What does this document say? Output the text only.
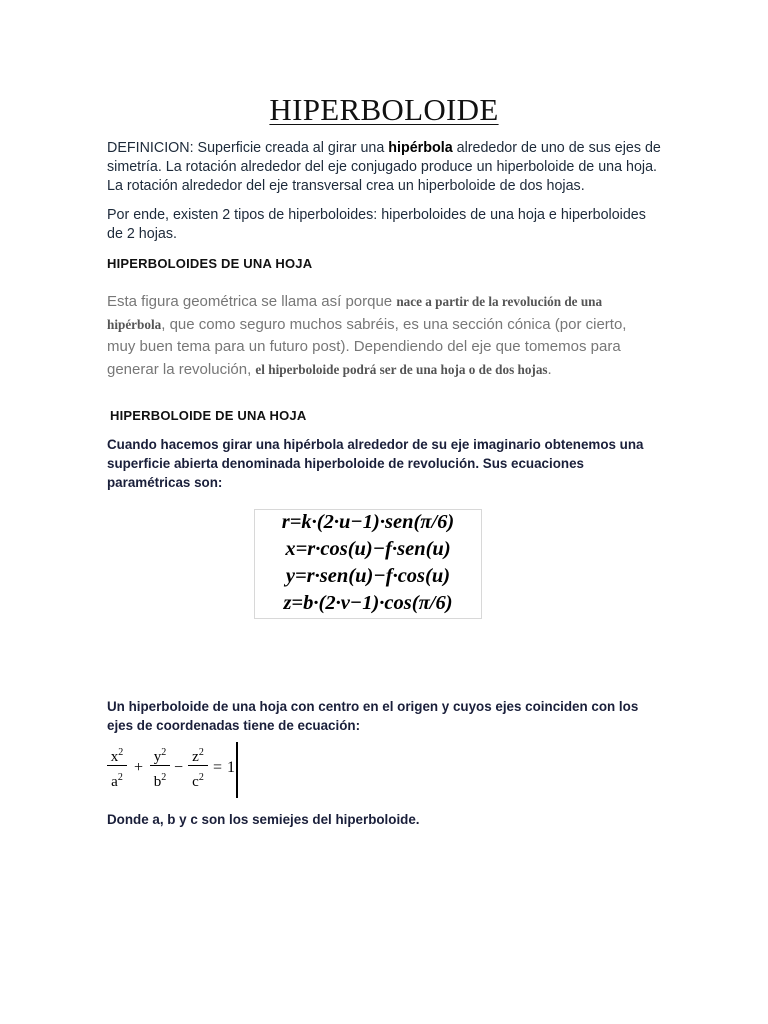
HIPERBOLOIDE

DEFINICION: Superficie creada al girar una hipérbola alrededor de uno de sus ejes de simetría. La rotación alrededor del eje conjugado produce un hiperboloide de una hoja. La rotación alrededor del eje transversal crea un hiperboloide de dos hojas.

Por ende, existen 2 tipos de hiperboloides: hiperboloides de una hoja e hiperboloides de 2 hojas.

HIPERBOLOIDES DE UNA HOJA

Esta figura geométrica se llama así porque nace a partir de la revolución de una hipérbola, que como seguro muchos sabréis, es una sección cónica (por cierto, muy buen tema para un futuro post). Dependiendo del eje que tomemos para generar la revolución, el hiperboloide podrá ser de una hoja o de dos hojas.

HIPERBOLOIDE DE UNA HOJA

Cuando hacemos girar una hipérbola alrededor de su eje imaginario obtenemos una superficie abierta denominada hiperboloide de revolución. Sus ecuaciones paramétricas son:

r=k·(2·u−1)·sen(π/6)
x=r·cos(u)−f·sen(u)
y=r·sen(u)−f·cos(u)
z=b·(2·v−1)·cos(π/6)

Un hiperboloide de una hoja con centro en el origen y cuyos ejes coinciden con los ejes de coordenadas tiene de ecuación:

$x^2$
$a^2$
+
$y^2$
$b^2$
−
$z^2$
$c^2$
= 1

Donde a, b y c son los semiejes del hiperboloide.
